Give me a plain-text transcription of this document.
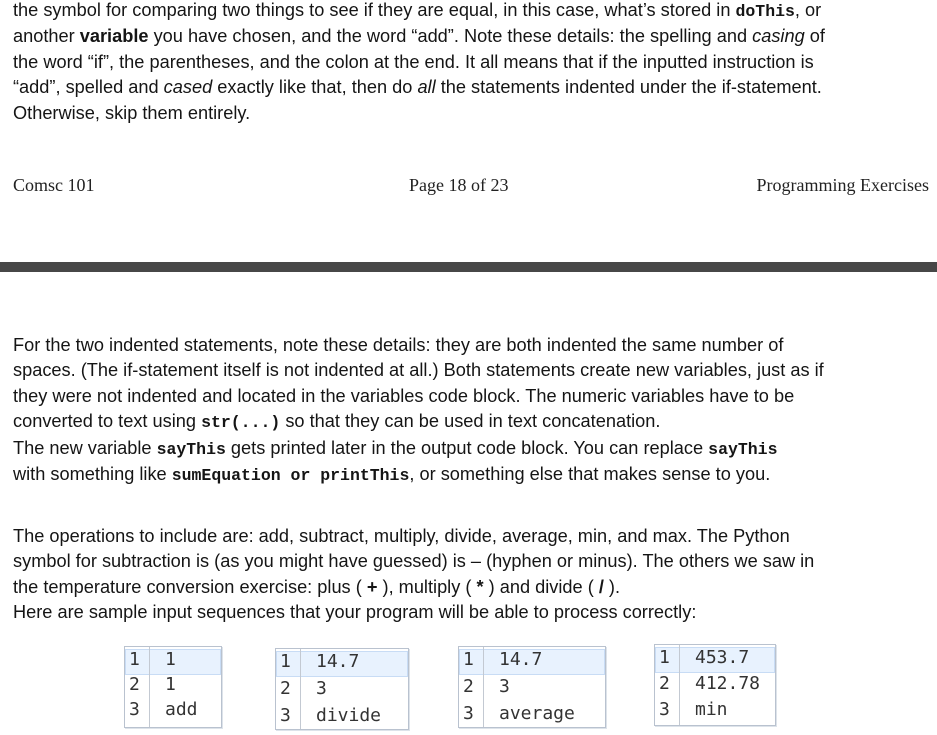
the symbol for comparing two things to see if they are equal, in this case, what’s stored in doThis, or
another variable you have chosen, and the word “add”. Note these details: the spelling and casing of
the word “if”, the parentheses, and the colon at the end. It all means that if the inputted instruction is
“add”, spelled and cased exactly like that, then do all the statements indented under the if-statement.
Otherwise, skip them entirely.
Comsc 101	Page 18 of 23	Programming Exercises
For the two indented statements, note these details: they are both indented the same number of
spaces. (The if-statement itself is not indented at all.) Both statements create new variables, just as if
they were not indented and located in the variables code block. The numeric variables have to be
converted to text using str(...) so that they can be used in text concatenation.
The new variable sayThis gets printed later in the output code block. You can replace sayThis
with something like sumEquation or printThis, or something else that makes sense to you.
The operations to include are: add, subtract, multiply, divide, average, min, and max. The Python
symbol for subtraction is (as you might have guessed) is – (hyphen or minus). The others we saw in
the temperature conversion exercise: plus ( + ), multiply ( * ) and divide ( / ).
Here are sample input sequences that your program will be able to process correctly:
1 1
2 1
3 add
1 14.7
2 3
3 divide
1 14.7
2 3
3 average
1 453.7
2 412.78
3 min
